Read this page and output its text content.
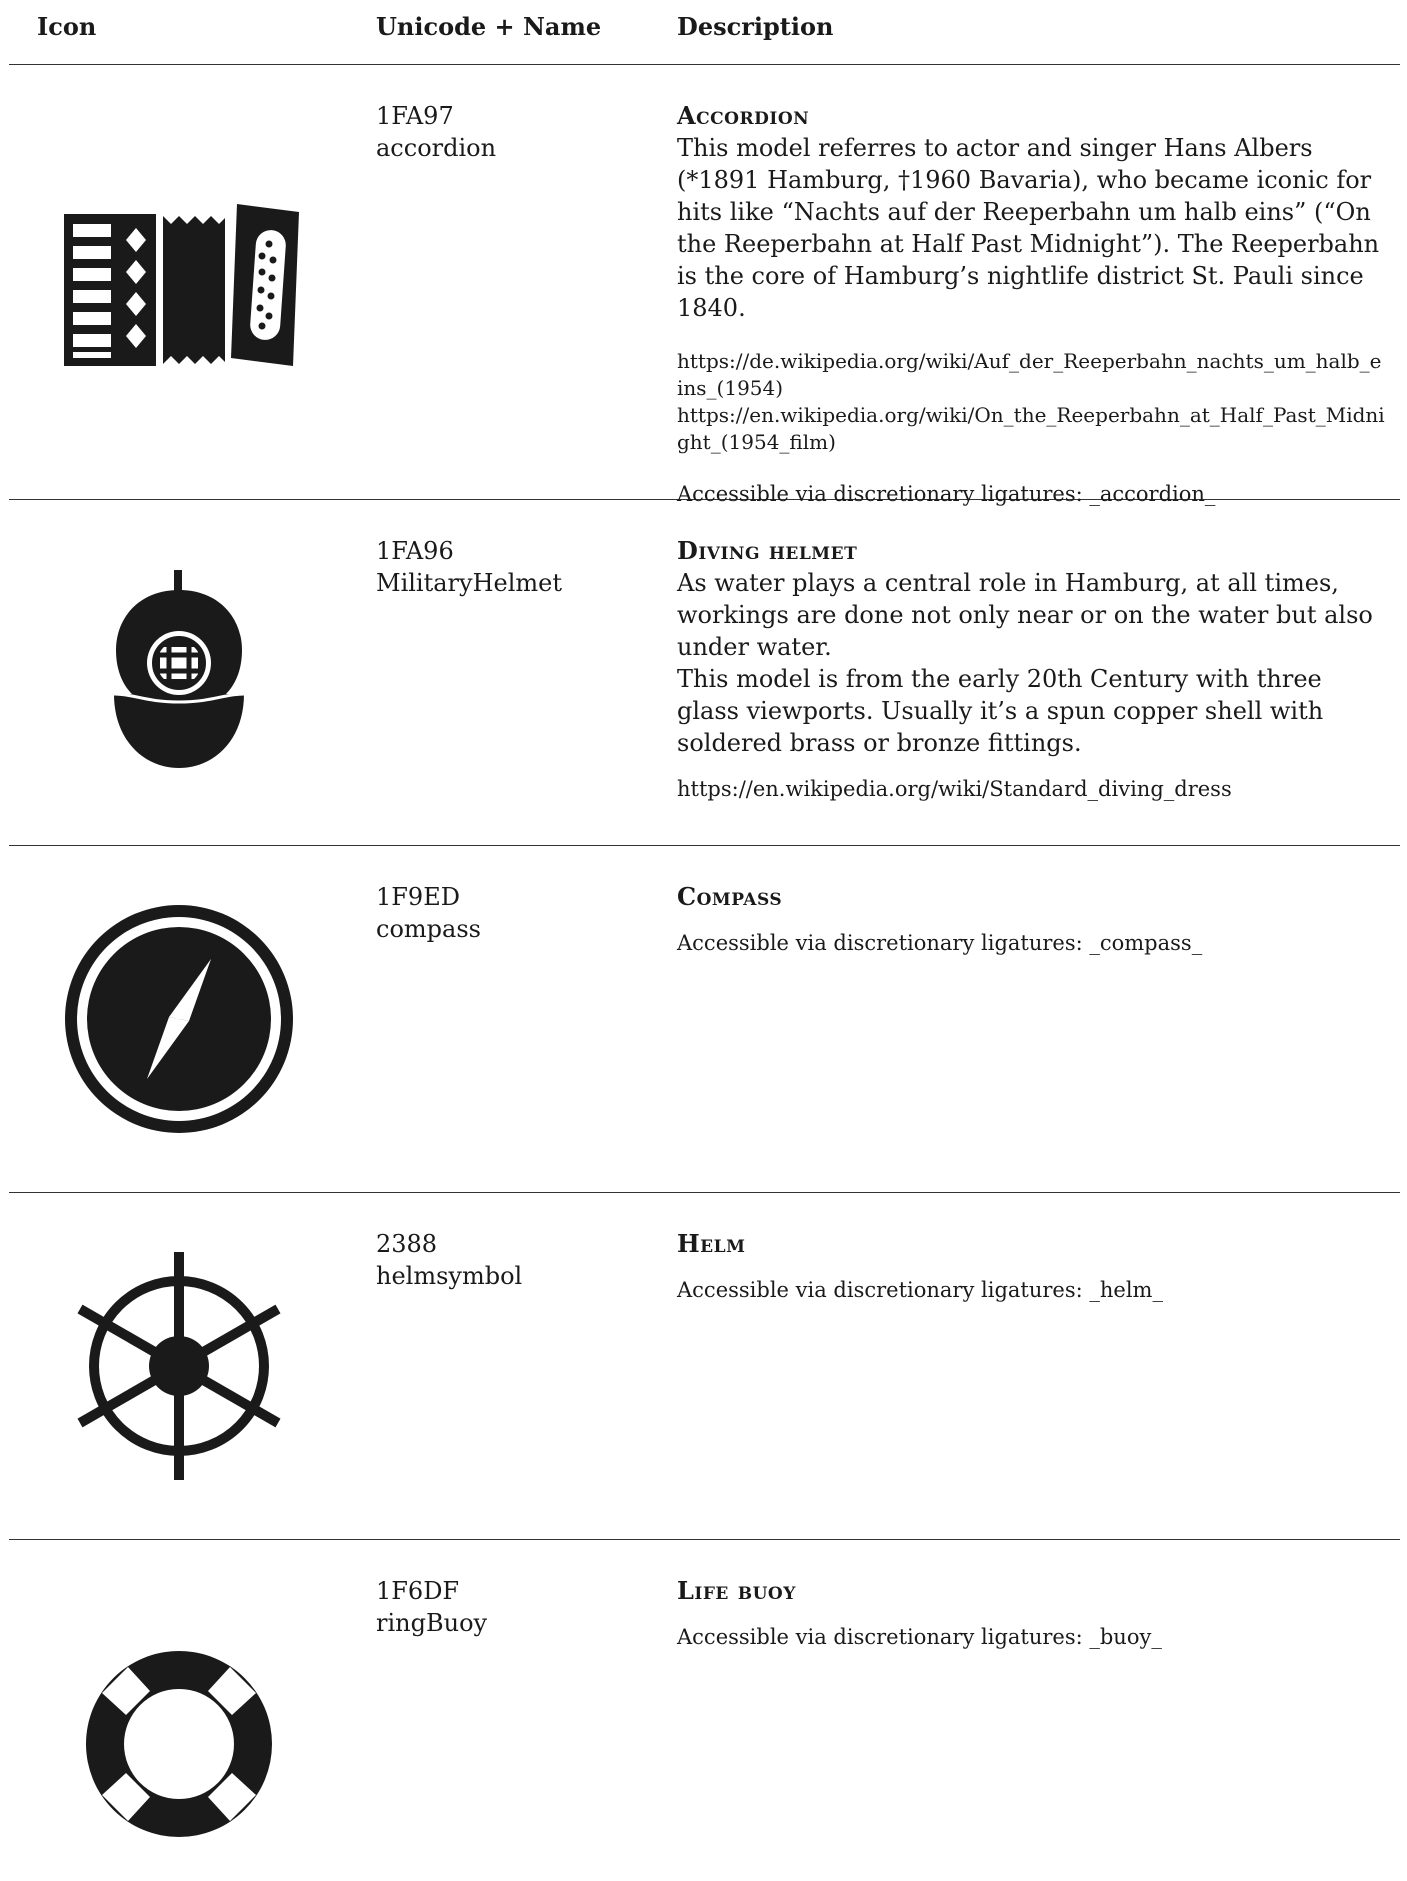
Icon	Unicode + Name	Description
1FA97
accordion
Accordion

This model referres to actor and singer Hans Albers (*1891 Hamburg, †1960 Bavaria), who became iconic for hits like “Nachts auf der Reeperbahn um halb eins” (“On the Reeperbahn at Half Past Midnight”). The Reeperbahn is the core of Hamburg’s nightlife district St. Pauli since 1840.

https://de.wikipedia.org/wiki/Auf_der_Reeperbahn_nachts_um_halb_eins_(1954)

https://en.wikipedia.org/wiki/On_the_Reeperbahn_at_Half_Past_Midnight_(1954_film)

Accessible via discretionary ligatures: _accordion_

1FA96
MilitaryHelmet
Diving helmet

As water plays a central role in Hamburg, at all times, workings are done not only near or on the water but also under water.

This model is from the early 20th Century with three glass viewports. Usually it’s a spun copper shell with soldered brass or bronze fittings.

https://en.wikipedia.org/wiki/Standard_diving_dress

1F9ED
compass
Compass

Accessible via discretionary ligatures: _compass_

2388
helmsymbol
Helm

Accessible via discretionary ligatures: _helm_

1F6DF
ringBuoy
Life buoy

Accessible via discretionary ligatures: _buoy_
